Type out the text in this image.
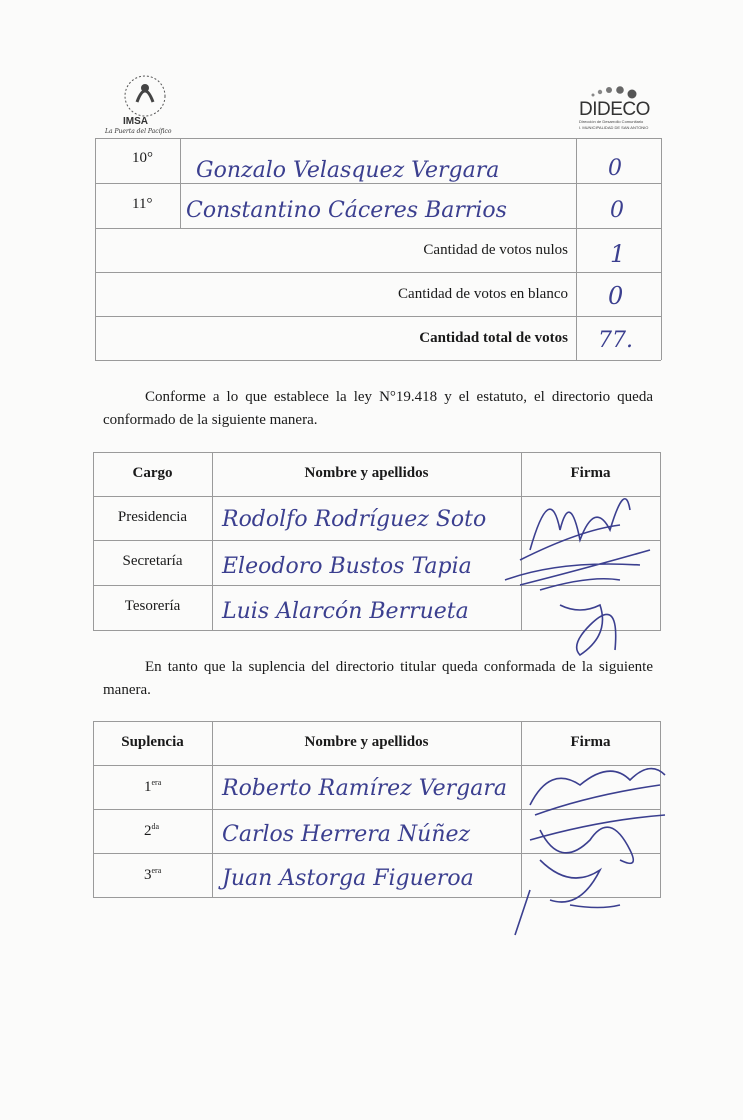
IMSA
La Puerta del Pacífico
DIDECO
Dirección de Desarrollo Comunitario
I. MUNICIPALIDAD DE SAN ANTONIO
10° Gonzalo Velasquez Vergara	0
11° Constantino Cáceres Barrios	0
Cantidad de votos nulos 1
Cantidad de votos en blanco 0
Cantidad total de votos 77.
Conforme a lo que establece la ley N°19.418 y el estatuto, el directorio queda conformado de la siguiente manera.
Cargo	Nombre y apellidos	Firma
Presidencia	Rodolfo Rodríguez Soto
Secretaría	Eleodoro Bustos Tapia
Tesorería	Luis Alarcón Berrueta
En tanto que la suplencia del directorio titular queda conformada de la siguiente manera.
Suplencia	Nombre y apellidos	Firma
$1^{era}$	Roberto Ramírez Vergara
$2^{da}$	Carlos Herrera Núñez
$3^{era}$	Juan Astorga Figueroa
